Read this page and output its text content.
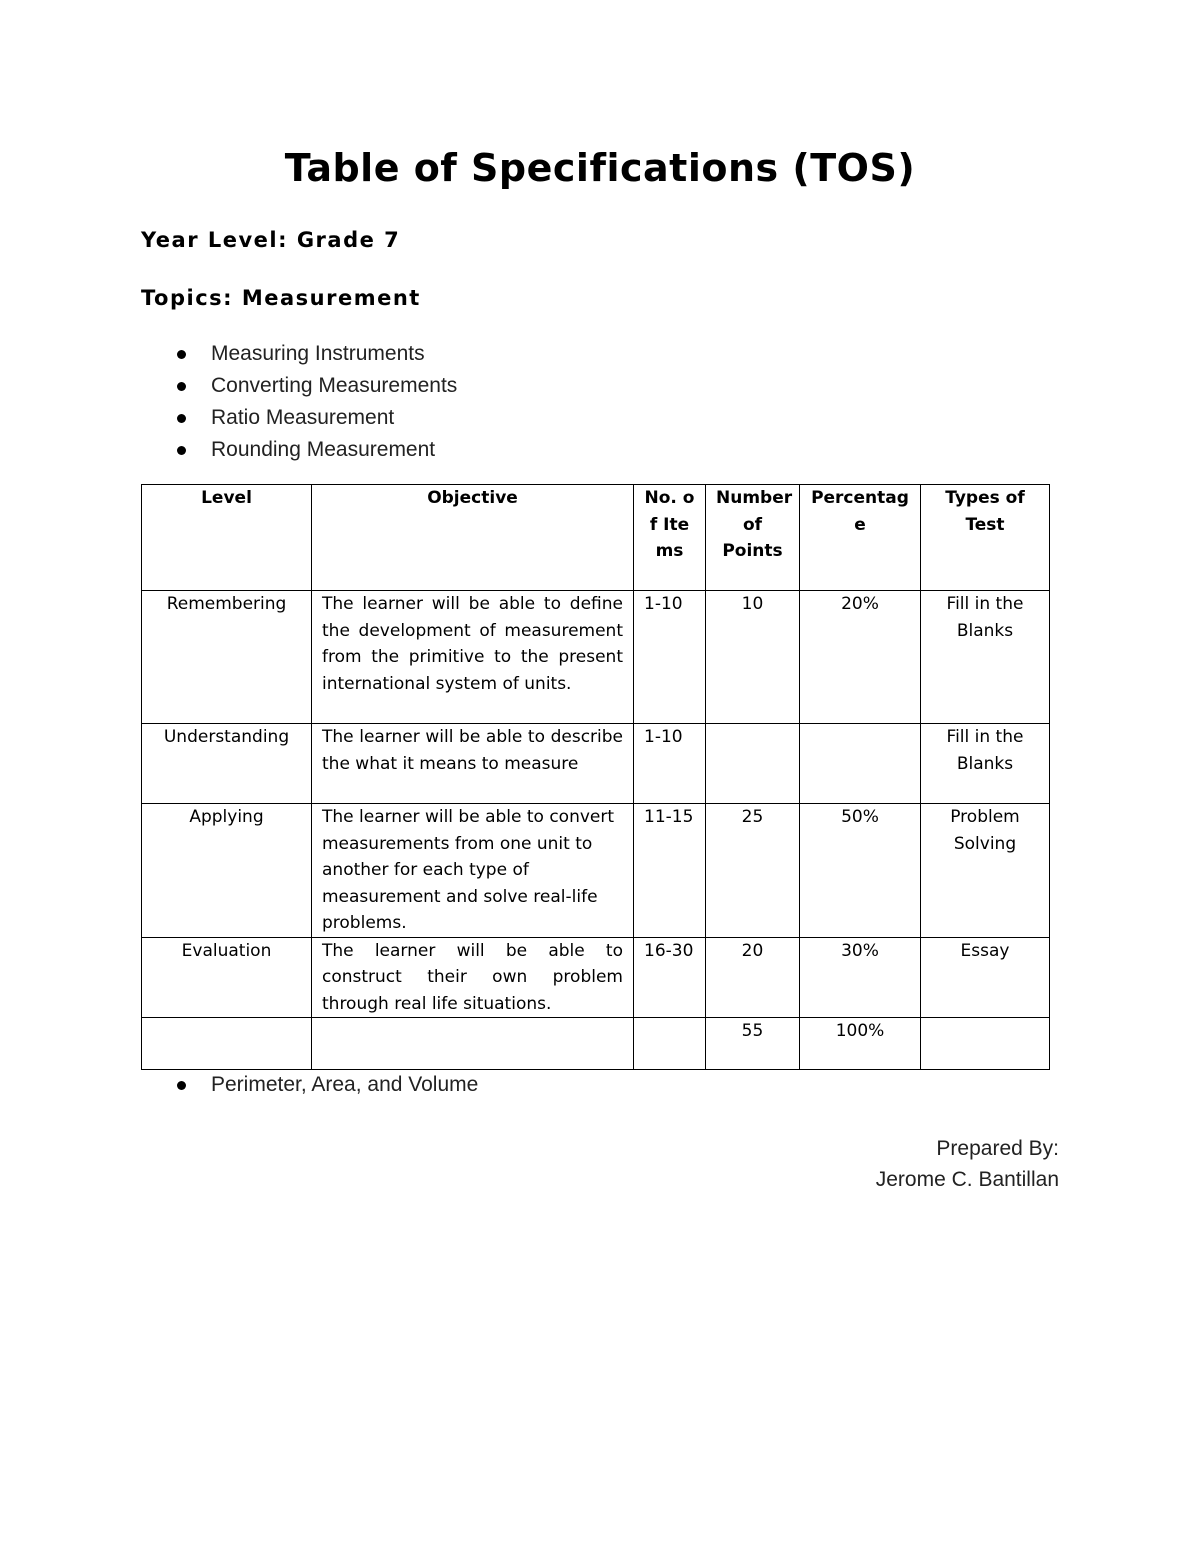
Table of Specifications (TOS)
Year Level: Grade 7
Topics: Measurement
Measuring Instruments
Converting Measurements
Ratio Measurement
Rounding Measurement
Level	Objective	No. of Items	Number of Points	Percentage	Types of Test
Remembering	The learner will be able to define the development of measurement from the primitive to the present international system of units.	1-10	10	20%	Fill in the Blanks
Understanding	The learner will be able to describe the what it means to measure	1-10			Fill in the Blanks
Applying	The learner will be able to convert measurements from one unit to another for each type of measurement and solve real-life problems.	11-15	25	50%	Problem Solving
Evaluation	The learner will be able to construct their own problem through real life situations.	16-30	20	30%	Essay
			55	100%	
Perimeter, Area, and Volume
Prepared By:
Jerome C. Bantillan
